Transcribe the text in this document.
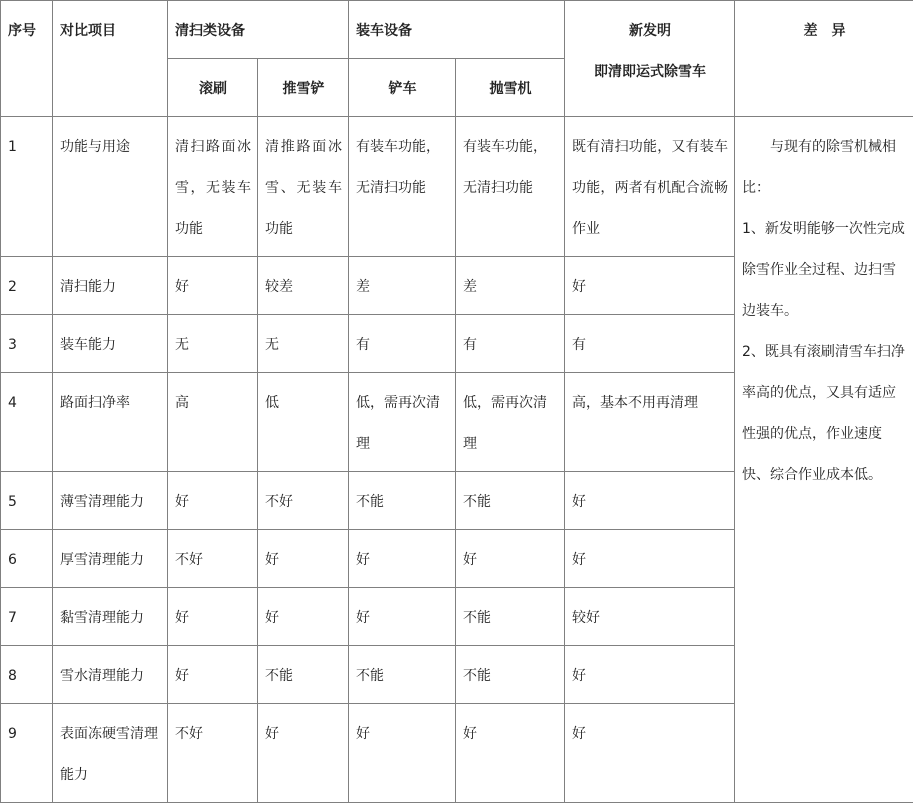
序号	对比项目	清扫类设备		装车设备		新发明
即清即运式除雪车	差　异
		滚刷	推雪铲	铲车	抛雪机		
1	功能与用途	清扫路面冰雪，无装车功能	清推路面冰雪、无装车功能	有装车功能，无清扫功能	有装车功能，无清扫功能	既有清扫功能，又有装车功能，两者有机配合流畅作业	与现有的除雪机械相比：

1、新发明能够一次性完成除雪作业全过程、边扫雪边装车。

2、既具有滚刷清雪车扫净率高的优点，又具有适应性强的优点，作业速度快、综合作业成本低。

2	清扫能力	好	较差	差	差	好	
3	装车能力	无	无	有	有	有	
4	路面扫净率	高	低	低，需再次清理	低，需再次清理	高，基本不用再清理	
5	薄雪清理能力	好	不好	不能	不能	好	
6	厚雪清理能力	不好	好	好	好	好	
7	黏雪清理能力	好	好	好	不能	较好	
8	雪水清理能力	好	不能	不能	不能	好	
9	表面冻硬雪清理能力	不好	好	好	好	好	
